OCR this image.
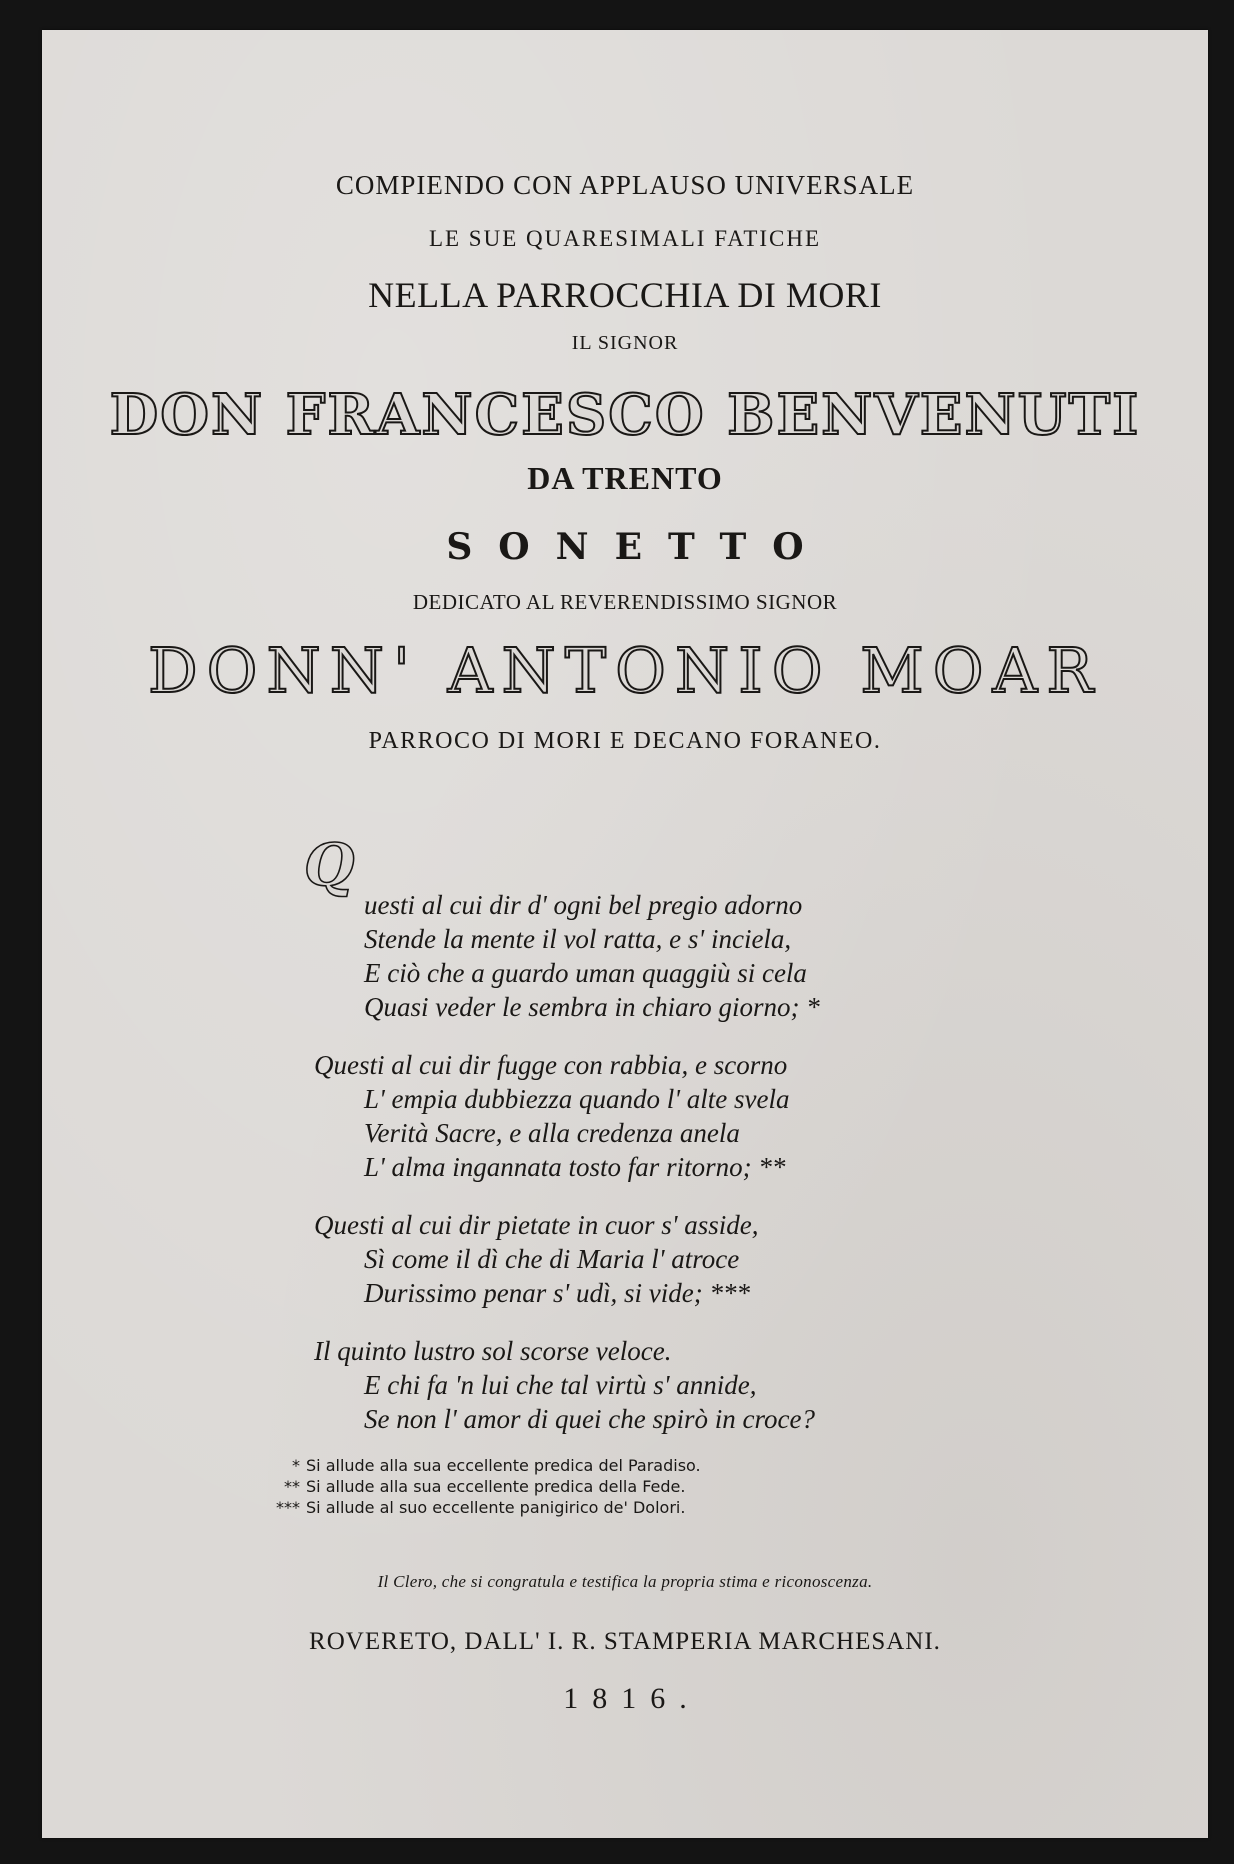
COMPIENDO CON APPLAUSO UNIVERSALE
LE SUE QUARESIMALI FATICHE
NELLA PARROCCHIA DI MORI
IL SIGNOR
DON FRANCESCO BENVENUTI
DA TRENTO
SONETTO
DEDICATO AL REVERENDISSIMO SIGNOR
DONN' ANTONIO MOAR
PARROCO DI MORI E DECANO FORANEO.
Q
uesti al cui dir d' ogni bel pregio adorno
Stende la mente il vol ratta, e s' inciela,
E ciò che a guardo uman quaggiù si cela
Quasi veder le sembra in chiaro giorno; *
Questi al cui dir fugge con rabbia, e scorno
L' empia dubbiezza quando l' alte svela
Verità Sacre, e alla credenza anela
L' alma ingannata tosto far ritorno; **
Questi al cui dir pietate in cuor s' asside,
Sì come il dì che di Maria l' atroce
Durissimo penar s' udì, si vide; ***
Il quinto lustro sol scorse veloce.
E chi fa 'n lui che tal virtù s' annide,
Se non l' amor di quei che spirò in croce?
* Si allude alla sua eccellente predica del Paradiso.
** Si allude alla sua eccellente predica della Fede.
*** Si allude al suo eccellente panigirico de' Dolori.
Il Clero, che si congratula e testifica la propria stima e riconoscenza.
ROVERETO, DALL' I. R. STAMPERIA MARCHESANI.
1816.
